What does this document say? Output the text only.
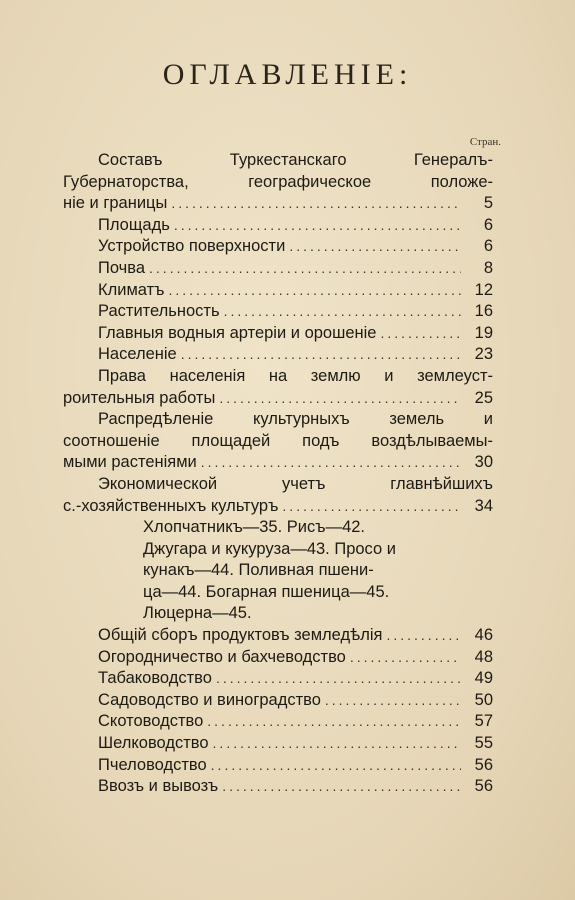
ОГЛАВЛЕНIЕ:
Стран.
Составъ Туркестанскаго Генералъ-
Губернаторства, географическое положе-
нiе и границы .....	5
Площадь .....	6
Устройство поверхности .....	6
Почва .....	8
Климатъ .....	12
Растительность .....	16
Главныя водныя артерiи и орошенiе .....	19
Населенiе .....	23
Права населенiя на землю и землеуст-
роительныя работы .....	25
Распредѣленiе культурныхъ земель и
соотношенiе площадей подъ воздѣлываемы-
мыми растенiями .....	30
Экономической учетъ главнѣйшихъ
с.-хозяйственныхъ культуръ .....	34
Хлопчатникъ—35. Рисъ—42.
Джугара и кукуруза—43. Просо и
кунакъ—44. Поливная пшени-
ца—44. Богарная пшеница—45.
Люцерна—45.
Общiй сборъ продуктовъ земледѣлiя .....	46
Огородничество и бахчеводство .....	48
Табаководство .....	49
Садоводство и виноградство .....	50
Скотоводство .....	57
Шелководство .....	55
Пчеловодство .....	56
Ввозъ и вывозъ .....	56
